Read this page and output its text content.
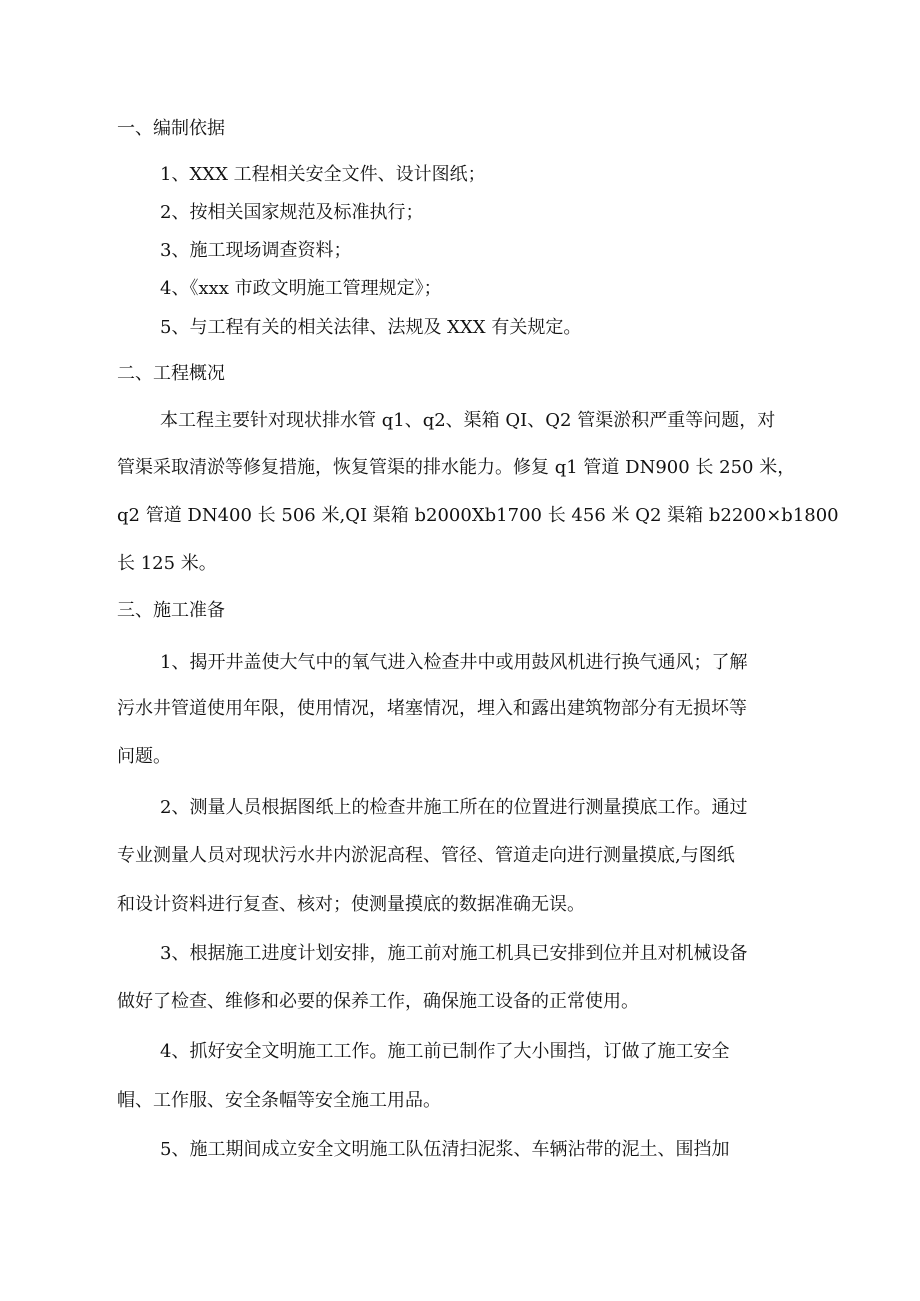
一、编制依据
1、XXX 工程相关安全文件、设计图纸；
2、按相关国家规范及标准执行；
3、施工现场调查资料；
4、《xxx 市政文明施工管理规定》；
5、与工程有关的相关法律、法规及 XXX 有关规定。
二、工程概况
本工程主要针对现状排水管 q1、q2、渠箱 QI、Q2 管渠淤积严重等问题，对
管渠采取清淤等修复措施，恢复管渠的排水能力。修复 q1 管道 DN900 长 250 米，
q2 管道 DN400 长 506 米,QI 渠箱 b2000Xb1700 长 456 米 Q2 渠箱 b2200×b1800
长 125 米。
三、施工准备
1、揭开井盖使大气中的氧气进入检查井中或用鼓风机进行换气通风；了解
污水井管道使用年限，使用情况，堵塞情况，埋入和露出建筑物部分有无损坏等
问题。
2、测量人员根据图纸上的检查井施工所在的位置进行测量摸底工作。通过
专业测量人员对现状污水井内淤泥高程、管径、管道走向进行测量摸底,与图纸
和设计资料进行复查、核对；使测量摸底的数据准确无误。
3、根据施工进度计划安排，施工前对施工机具已安排到位并且对机械设备
做好了检查、维修和必要的保养工作，确保施工设备的正常使用。
4、抓好安全文明施工工作。施工前已制作了大小围挡，订做了施工安全
帽、工作服、安全条幅等安全施工用品。
5、施工期间成立安全文明施工队伍清扫泥浆、车辆沾带的泥土、围挡加
